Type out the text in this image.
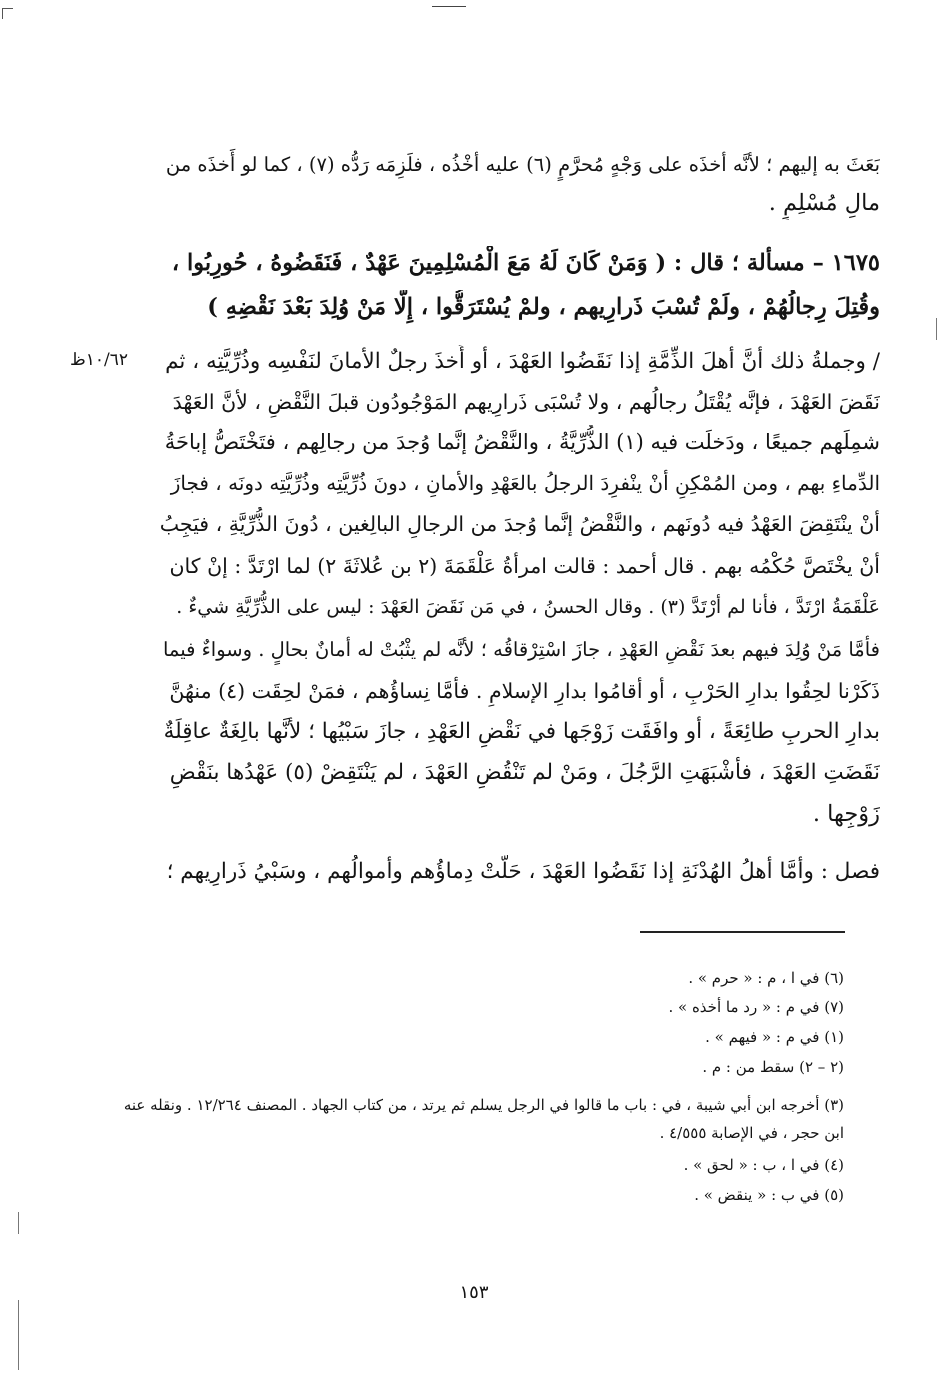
١٠/٦٢ظ
بَعَثَ به إليهم ؛ لأنَّه أخذَه على وَجْهٍ مُحرَّمٍ (٦) عليه أخْذُه ، فلَزِمَه رَدُّه (٧) ، كما لو أَخذَه من
مالِ مُسْلِمٍ .
١٦٧٥ – مسألة ؛ قال : ( وَمَنْ كَانَ لَهُ مَعَ الْمُسْلِمِينَ عَهْدٌ ، فَنَقَضُوهُ ، حُورِبُوا ،
وقُتِلَ رِجالُهُمْ ، ولَمْ تُسْبَ ذَرارِيهم ، ولمْ يُسْتَرَقُّوا ، إِلَّا مَنْ وُلِدَ بَعْدَ نَقْضِهِ )
/ وجملةُ ذلك أنَّ أهلَ الذِّمَّةِ إذا نَقَضُوا العَهْدَ ، أو أَخذَ رجلٌ الأمانَ لنَفْسِه وذُرِّيَّتِه ، ثم
نَقَضَ العَهْدَ ، فإنَّه يُقْتَلُ رجالُهم ، ولا تُسْبَى ذَرارِيهم المَوْجُودُون قبلَ النَّقْضِ ، لأنَّ العَهْدَ
شمِلَهم جميعًا ، ودَخلَت فيه (١) الذُّرِّيَّةُ ، والنَّقْضُ إنَّما وُجدَ من رجالِهم ، فتَخْتَصُّ إباحَةُ
الدِّماءِ بهم ، ومن المُمْكِنِ أنْ ينْفرِدَ الرجلُ بالعَهْدِ والأمانِ ، دونَ ذُرِّيَّتِه وذُرِّيَّتِه دونَه ، فجازَ
أنْ ينْتَقِضَ العَهْدُ فيه دُونَهم ، والنَّقْضُ إنَّما وُجدَ من الرجالِ البالِغين ، دُونَ الذُّرِّيَّةِ ، فيَجِبُ
أنْ يخْتَصَّ حُكْمُه بهم . قال أحمد : قالت امرأةُ عَلْقَمَةَ (٢ بن عُلاثَةَ ٢) لما ارْتَدَّ : إنْ كان
عَلْقَمَةُ ارْتَدَّ ، فأنا لم أرْتَدَّ (٣) . وقال الحسنُ ، في مَن نَقَضَ العَهْدَ : ليس على الذُّرِّيَّةِ شيءٌ .
فأمَّا مَنْ وُلِدَ فيهم بعدَ نَقْضِ العَهْدِ ، جازَ اسْتِرْقاقُه ؛ لأنَّه لم يثْبُتْ له أمانٌ بحالٍ . وسواءٌ فيما
ذَكَرْنا لحِقُوا بدارِ الحَرْبِ ، أو أقامُوا بدارِ الإسلامِ . فأمَّا نِساؤُهم ، فمَنْ لحِقَت (٤) منهُنَّ
بدارِ الحربِ طائِعَةً ، أو وافَقَت زَوْجَها في نَقْضِ العَهْدِ ، جازَ سَبْيُها ؛ لأنَّها بالِغَةٌ عاقِلَةٌ
نَقَضَتِ العَهْدَ ، فأشْبَهَتِ الرَّجُلَ ، ومَنْ لم تَنْقُضِ العَهْدَ ، لم يَنْتَقِضْ (٥) عَهْدُها بنَقْضِ
زَوْجِها .
فصل : وأمَّا أهلُ الهُدْنَةِ إذا نَقَضُوا العَهْدَ ، حَلَّتْ دِماؤُهم وأموالُهم ، وسَبْيُ ذَرارِيهم ؛
(٦) في ا ، م : « حرم » .
(٧) في م : « رد ما أخذه » .
(١) في م : « فيهم » .
(٢ – ٢) سقط من : م .
(٣) أخرجه ابن أبي شيبة ، في : باب ما قالوا في الرجل يسلم ثم يرتد ، من كتاب الجهاد . المصنف ١٢/٢٦٤ . ونقله عنه
ابن حجر ، في الإصابة ٤/٥٥٥ .
(٤) في ا ، ب : « لحق » .
(٥) في ب : « ينقض » .
١٥٣
